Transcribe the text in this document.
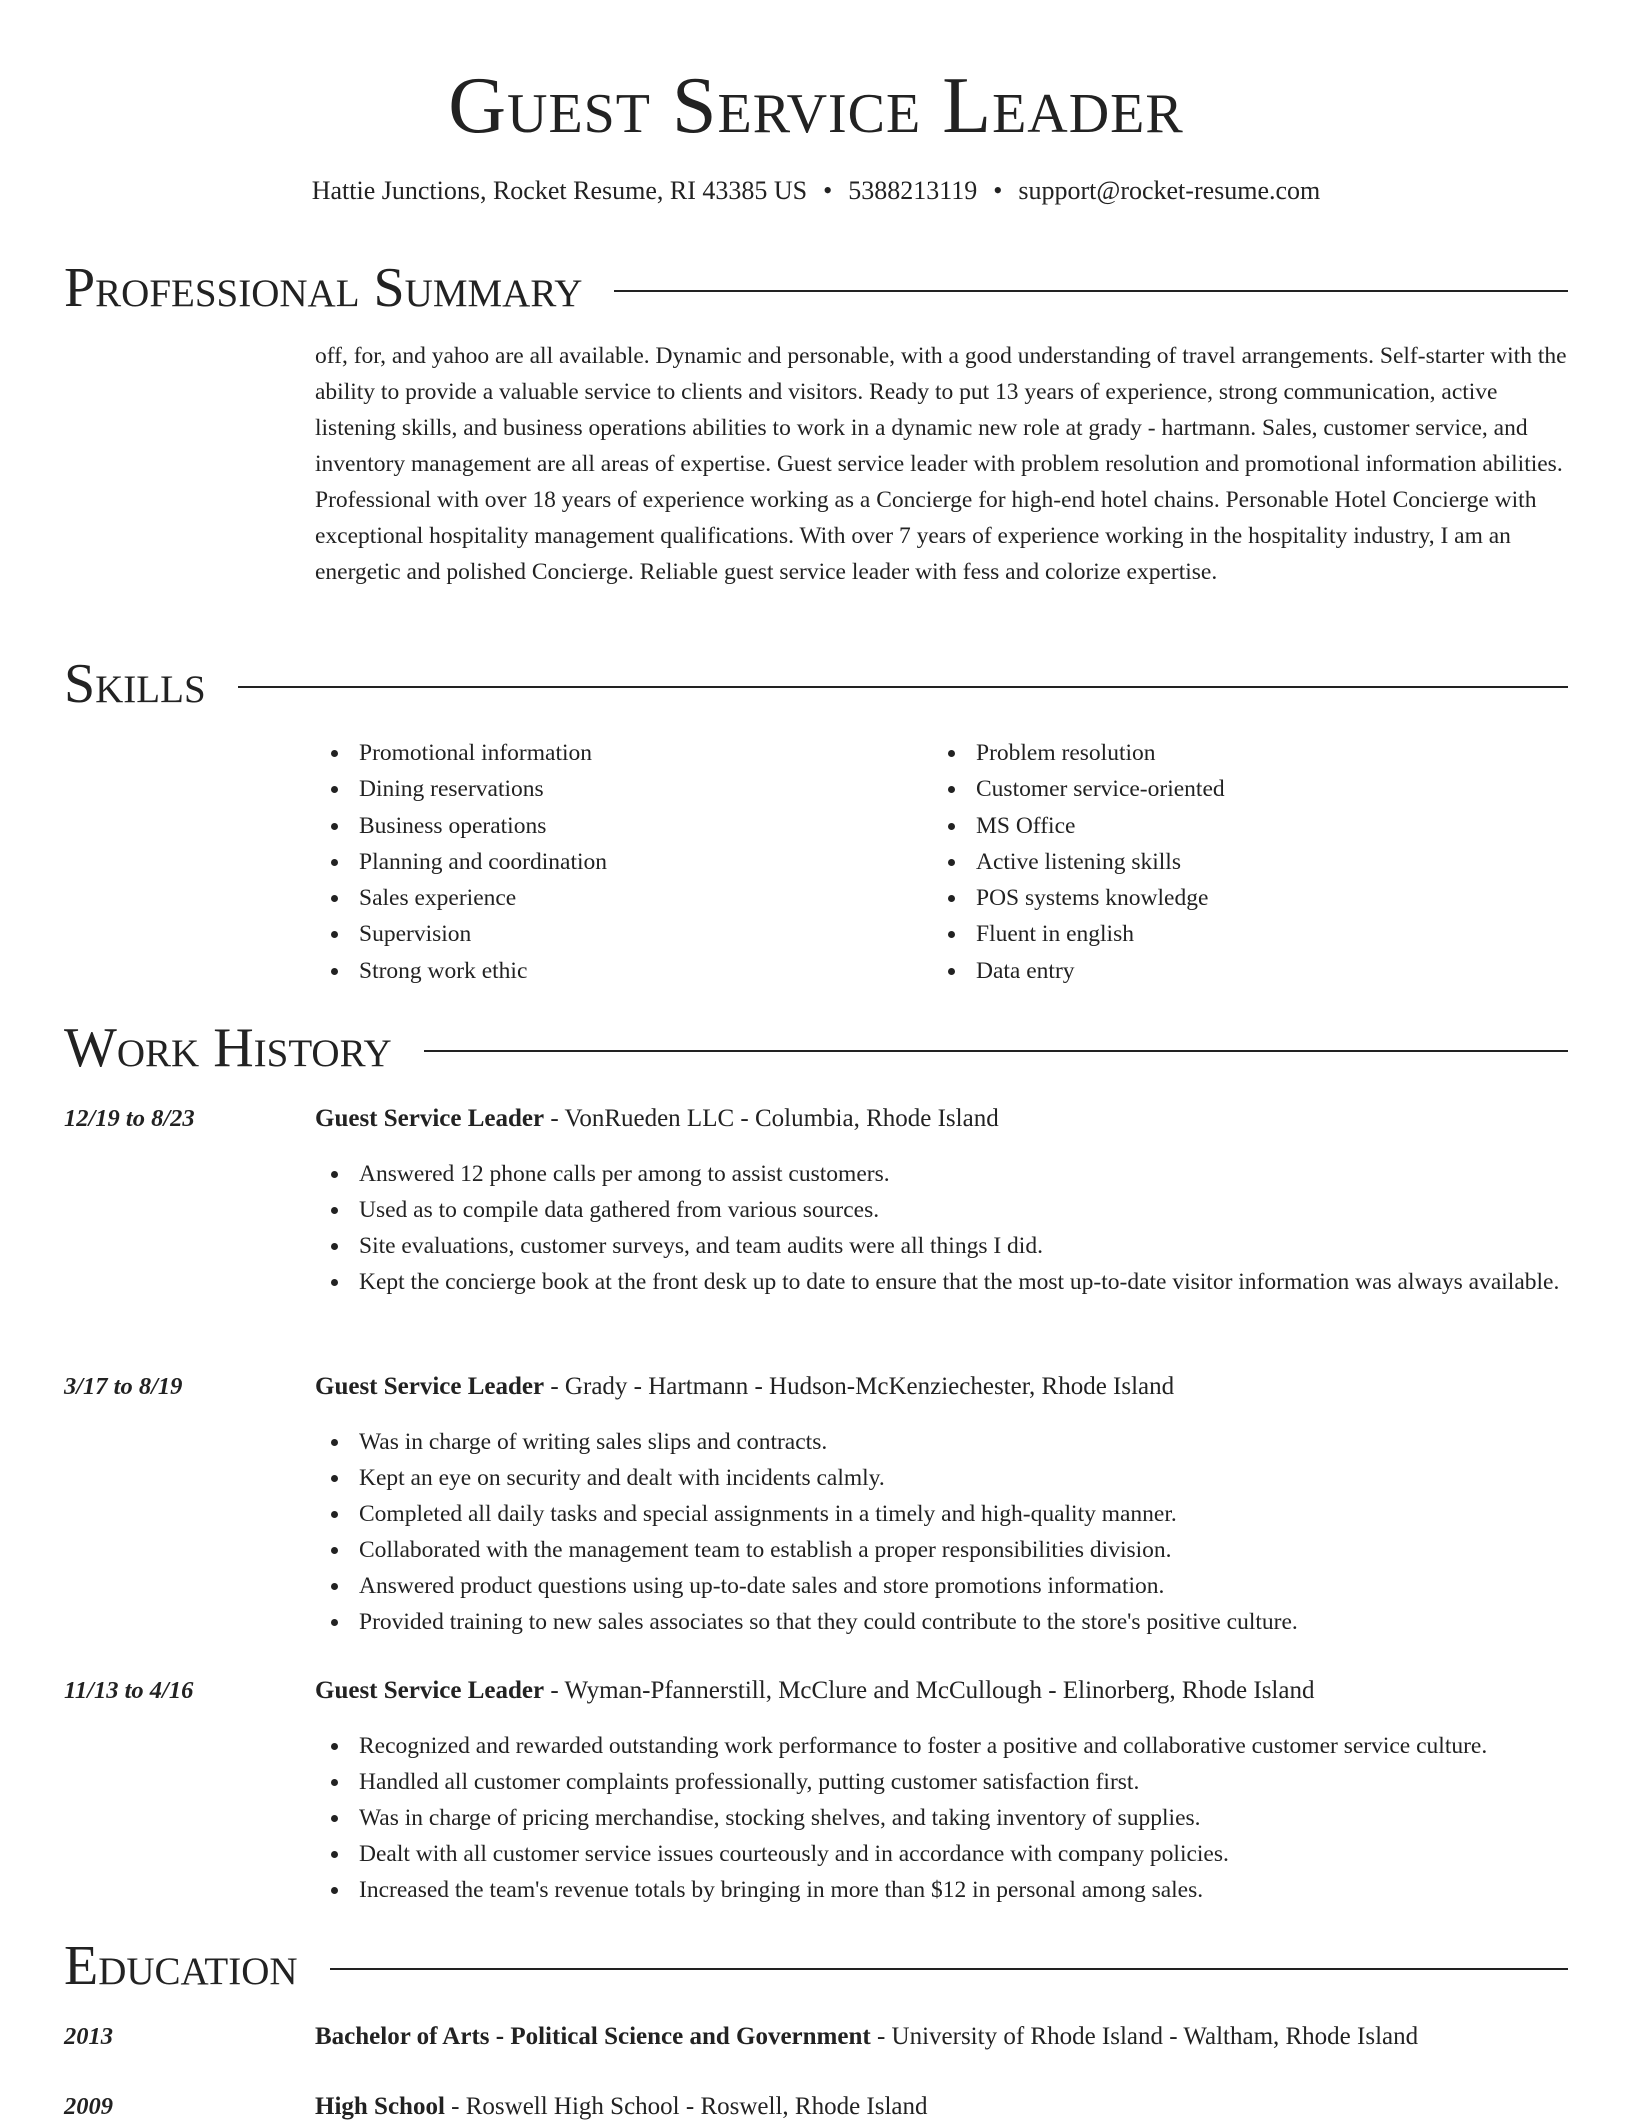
Guest Service Leader
Hattie Junctions, Rocket Resume, RI 43385 US • 5388213119 • support@rocket-resume.com
Professional Summary
off, for, and yahoo are all available. Dynamic and personable, with a good understanding of travel arrangements. Self-starter with the ability to provide a valuable service to clients and visitors. Ready to put 13 years of experience, strong communication, active listening skills, and business operations abilities to work in a dynamic new role at grady - hartmann. Sales, customer service, and inventory management are all areas of expertise. Guest service leader with problem resolution and promotional information abilities. Professional with over 18 years of experience working as a Concierge for high-end hotel chains. Personable Hotel Concierge with exceptional hospitality management qualifications. With over 7 years of experience working in the hospitality industry, I am an energetic and polished Concierge. Reliable guest service leader with fess and colorize expertise.
Skills
Promotional information
Dining reservations
Business operations
Planning and coordination
Sales experience
Supervision
Strong work ethic
Problem resolution
Customer service-oriented
MS Office
Active listening skills
POS systems knowledge
Fluent in english
Data entry
Work History
12/19 to 8/23	Guest Service Leader - VonRueden LLC - Columbia, Rhode Island
Answered 12 phone calls per among to assist customers.
Used as to compile data gathered from various sources.
Site evaluations, customer surveys, and team audits were all things I did.
Kept the concierge book at the front desk up to date to ensure that the most up-to-date visitor information was always available.
3/17 to 8/19	Guest Service Leader - Grady - Hartmann - Hudson-McKenziechester, Rhode Island
Was in charge of writing sales slips and contracts.
Kept an eye on security and dealt with incidents calmly.
Completed all daily tasks and special assignments in a timely and high-quality manner.
Collaborated with the management team to establish a proper responsibilities division.
Answered product questions using up-to-date sales and store promotions information.
Provided training to new sales associates so that they could contribute to the store's positive culture.
11/13 to 4/16	Guest Service Leader - Wyman-Pfannerstill, McClure and McCullough - Elinorberg, Rhode Island
Recognized and rewarded outstanding work performance to foster a positive and collaborative customer service culture.
Handled all customer complaints professionally, putting customer satisfaction first.
Was in charge of pricing merchandise, stocking shelves, and taking inventory of supplies.
Dealt with all customer service issues courteously and in accordance with company policies.
Increased the team's revenue totals by bringing in more than $12 in personal among sales.
Education
2013	Bachelor of Arts - Political Science and Government - University of Rhode Island - Waltham, Rhode Island
2009	High School - Roswell High School - Roswell, Rhode Island
